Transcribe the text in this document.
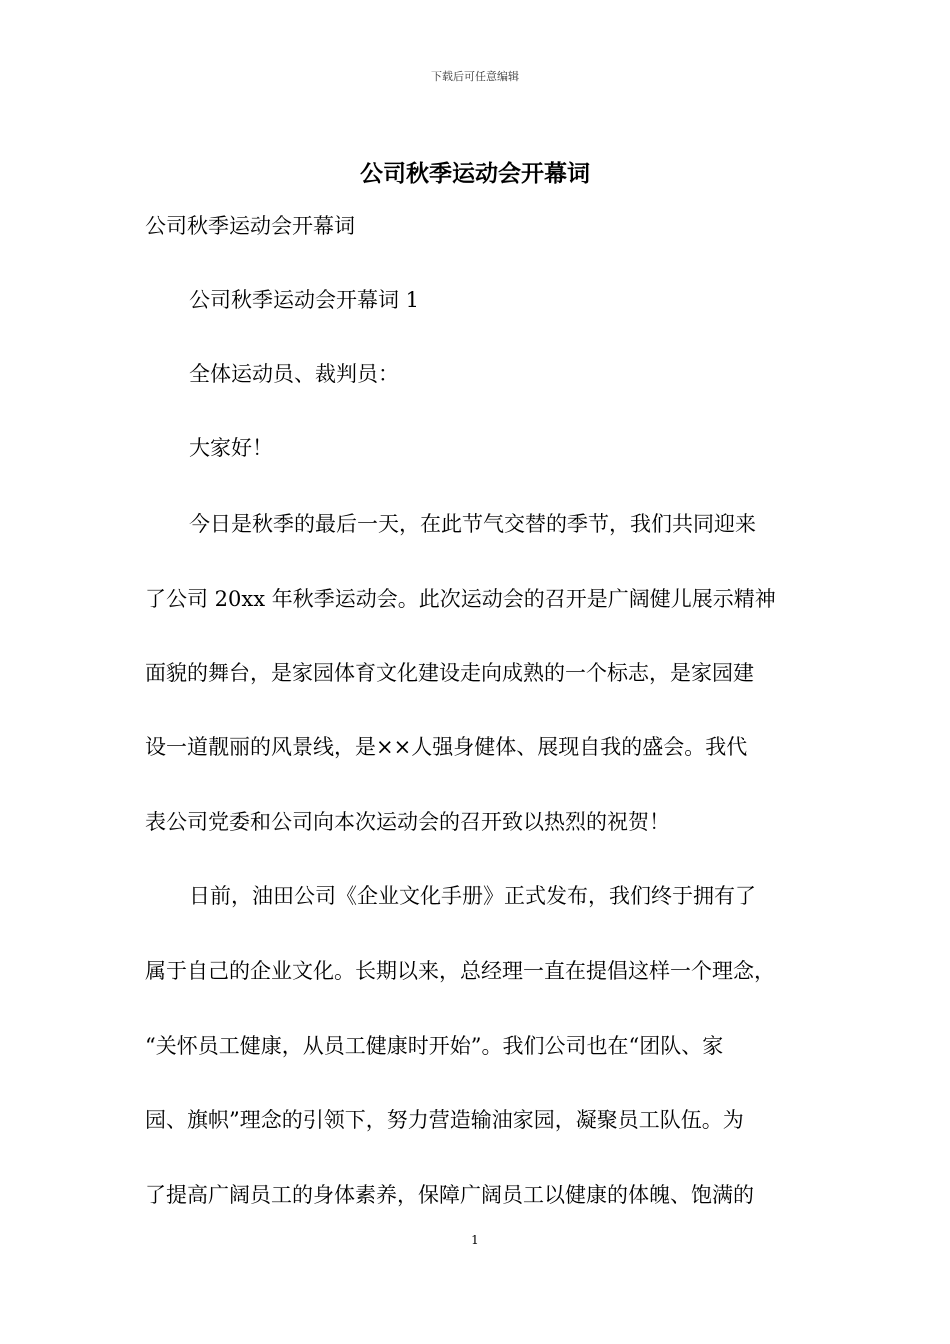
下载后可任意编辑
公司秋季运动会开幕词
公司秋季运动会开幕词
公司秋季运动会开幕词 1
全体运动员、裁判员：
大家好！
今日是秋季的最后一天，在此节气交替的季节，我们共同迎来
了公司 20xx 年秋季运动会。此次运动会的召开是广阔健儿展示精神
面貌的舞台，是家园体育文化建设走向成熟的一个标志，是家园建
设一道靓丽的风景线，是××人强身健体、展现自我的盛会。我代
表公司党委和公司向本次运动会的召开致以热烈的祝贺！
日前，油田公司《企业文化手册》正式发布，我们终于拥有了
属于自己的企业文化。长期以来，总经理一直在提倡这样一个理念，
“关怀员工健康，从员工健康时开始”。我们公司也在“团队、家
园、旗帜”理念的引领下，努力营造输油家园，凝聚员工队伍。为
了提高广阔员工的身体素养，保障广阔员工以健康的体魄、饱满的
1
